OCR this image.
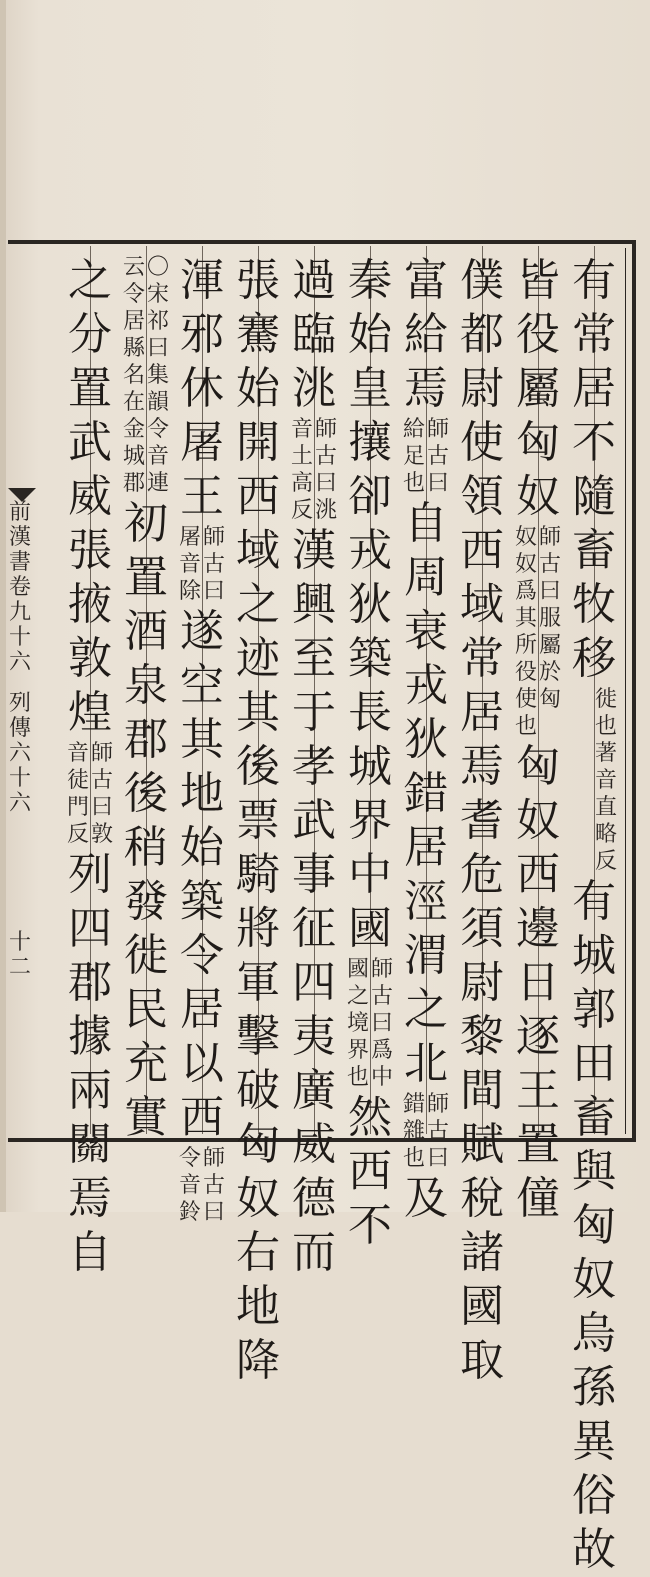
前
漢
書
卷
九
十
六
列
傳
六
十
六
十
二
有
常
居
不
隨
畜
牧
移
徙
也
著
音
直
略
反
有
城
郭
田
畜
與
匈
奴
烏
孫
異
俗
故
皆
役
屬
匈
奴
師
古
曰
服
屬
於
匈
奴
奴
爲
其
所
役
使
也
匈
奴
西
邊
日
逐
王
置
僮
僕
都
尉
使
領
西
域
常
居
焉
耆
危
須
尉
黎
間
賦
稅
諸
國
取
富
給
焉
師
古
曰
給
足
也
自
周
衰
戎
狄
錯
居
涇
渭
之
北
師
古
曰
錯
雜
也
及
秦
始
皇
攘
卻
戎
狄
築
長
城
界
中
國
師
古
曰
爲
中
國
之
境
界
也
然
西
不
過
臨
洮
師
古
曰
洮
音
土
高
反
漢
興
至
于
孝
武
事
征
四
夷
廣
威
德
而
張
騫
始
開
西
域
之
迹
其
後
票
騎
將
軍
擊
破
匈
奴
右
地
降
渾
邪
休
屠
王
師
古
曰
屠
音
除
遂
空
其
地
始
築
令
居
以
西
師
古
曰
令
音
鈴
〇
宋
祁
曰
集
韻
令
音
連
云
令
居
縣
名
在
金
城
郡
初
置
酒
泉
郡
後
稍
發
徙
民
充
實
之
分
置
武
威
張
掖
敦
煌
師
古
曰
敦
音
徒
門
反
列
四
郡
據
兩
關
焉
自
